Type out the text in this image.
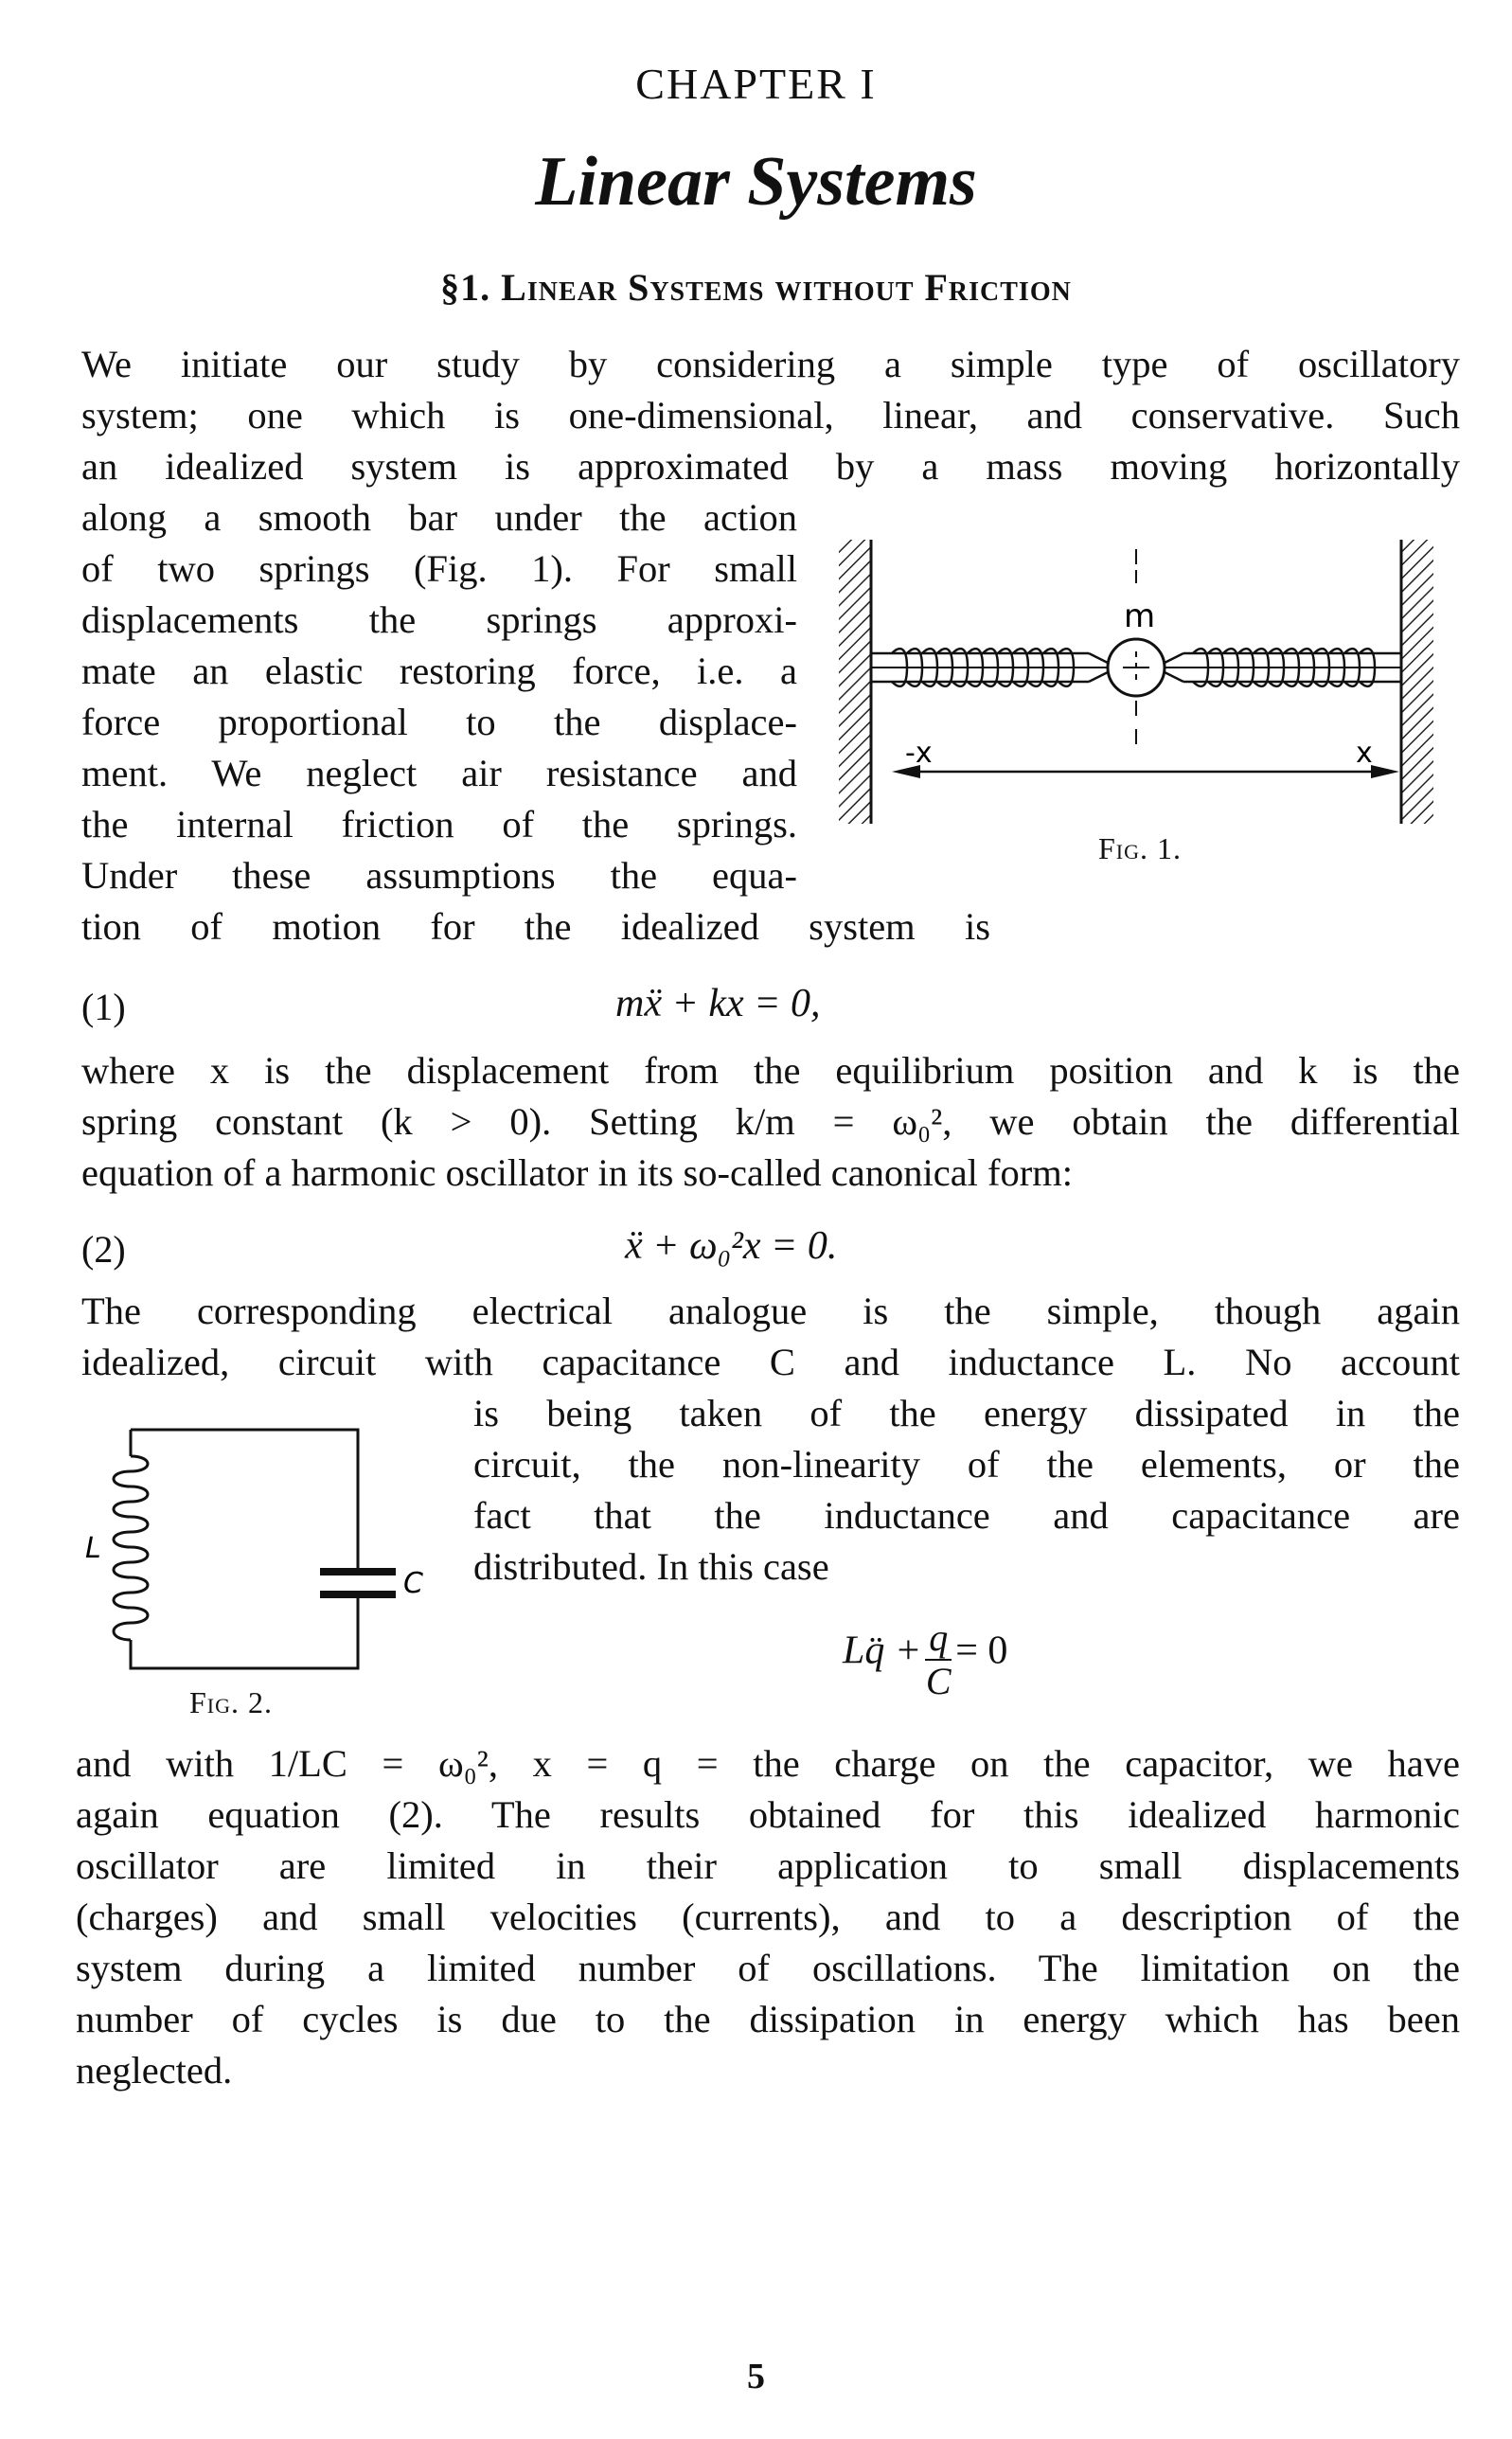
CHAPTER I
Linear Systems
§1. Linear Systems without Friction
We initiate our study by considering a simple type of oscillatory
system; one which is one-dimensional, linear, and conservative. Such
an idealized system is approximated by a mass moving horizontally
along a smooth bar under the action
of two springs (Fig. 1). For small
displacements the springs approxi-
mate an elastic restoring force, i.e. a
force proportional to the displace-
ment. We neglect air resistance and
the internal friction of the springs.
Under these assumptions the equa-
tion of motion for the idealized system is
m
-x	x
Fig. 1.
(1)	mẍ + kx = 0,
where x is the displacement from the equilibrium position and k is the
spring constant (k > 0). Setting k/m = ω₀², we obtain the differential
equation of a harmonic oscillator in its so-called canonical form:
(2)	ẍ + ω₀²x = 0.
The corresponding electrical analogue is the simple, though again
idealized, circuit with capacitance C and inductance L. No account
L
C
Fig. 2.
is being taken of the energy dissipated in the
circuit, the non-linearity of the elements, or the
fact that the inductance and capacitance are
distributed. In this case
Lq̈ + $\frac{q}{C} = 0$
and with 1/LC = ω₀², x = q = the charge on the capacitor, we have
again equation (2). The results obtained for this idealized harmonic
oscillator are limited in their application to small displacements
(charges) and small velocities (currents), and to a description of the
system during a limited number of oscillations. The limitation on the
number of cycles is due to the dissipation in energy which has been
neglected.
5
